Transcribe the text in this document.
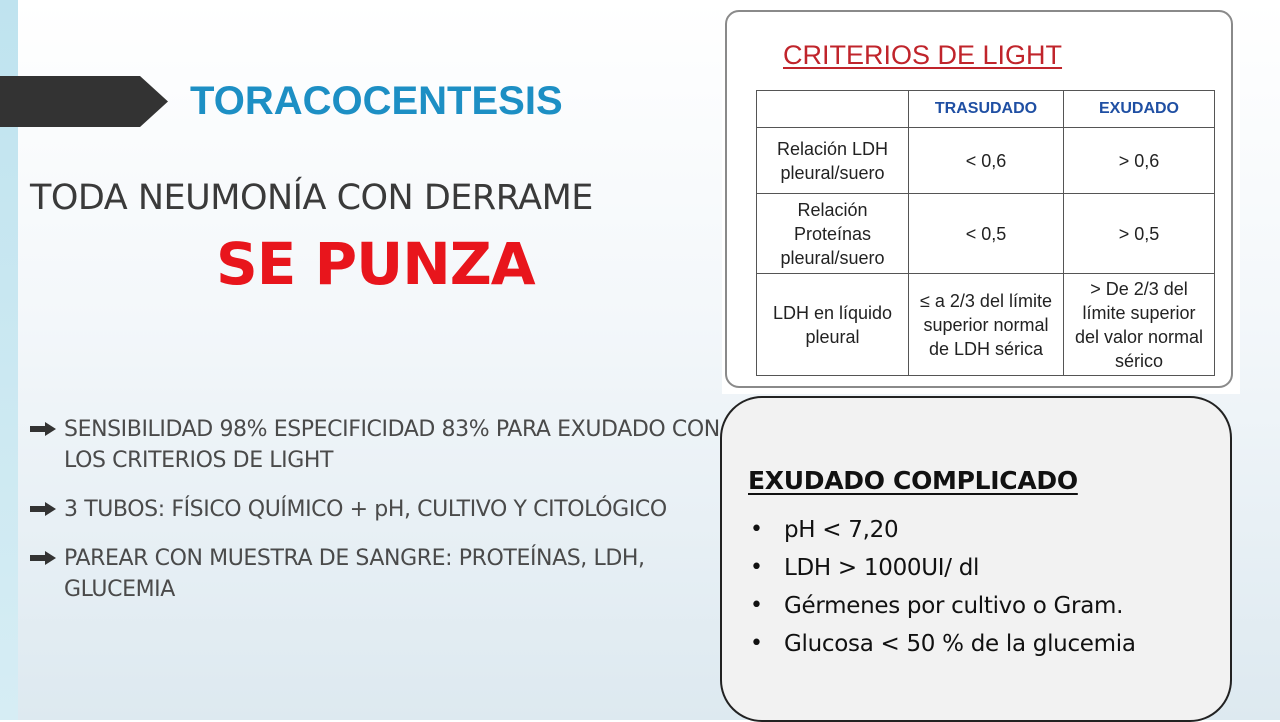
TORACOCENTESIS
TODA NEUMONÍA CON DERRAME
SE PUNZA
SENSIBILIDAD 98% ESPECIFICIDAD 83% PARA EXUDADO CON LOS CRITERIOS DE LIGHT
3 TUBOS: FÍSICO QUÍMICO + pH, CULTIVO Y CITOLÓGICO
PAREAR CON MUESTRA DE SANGRE: PROTEÍNAS, LDH, GLUCEMIA
CRITERIOS DE LIGHT
	TRASUDADO	EXUDADO
Relación LDH pleural/suero	< 0,6	> 0,6
Relación Proteínas pleural/suero	< 0,5	> 0,5
LDH en líquido pleural	≤ a 2/3 del límite superior normal de LDH sérica	> De 2/3 del límite superior del valor normal sérico
EXUDADO COMPLICADO
• pH < 7,20
• LDH > 1000UI/ dl
• Gérmenes por cultivo o Gram.
• Glucosa < 50 % de la glucemia
